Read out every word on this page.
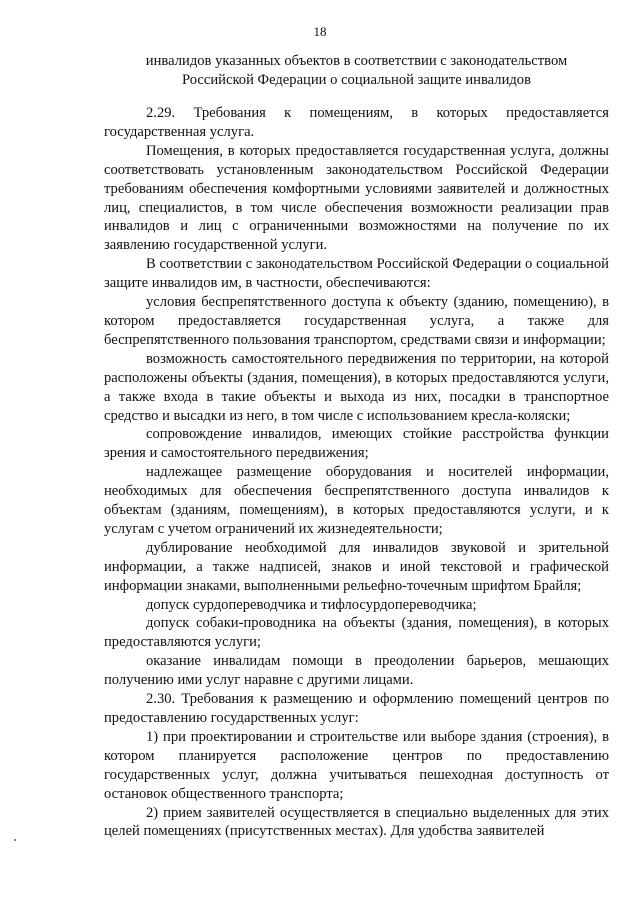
18

инвалидов указанных объектов в соответствии с законодательством
Российской Федерации о социальной защите инвалидов

2.29. Требования к помещениям, в которых предоставляется государственная услуга.

Помещения, в которых предоставляется государственная услуга, должны соответствовать установленным законодательством Российской Федерации требованиям обеспечения комфортными условиями заявителей и должностных лиц, специалистов, в том числе обеспечения возможности реализации прав инвалидов и лиц с ограниченными возможностями на получение по их заявлению государственной услуги.

В соответствии с законодательством Российской Федерации о социальной защите инвалидов им, в частности, обеспечиваются:

условия беспрепятственного доступа к объекту (зданию, помещению), в котором предоставляется государственная услуга, а также для беспрепятственного пользования транспортом, средствами связи и информации;

возможность самостоятельного передвижения по территории, на которой расположены объекты (здания, помещения), в которых предоставляются услуги, а также входа в такие объекты и выхода из них, посадки в транспортное средство и высадки из него, в том числе с использованием кресла-коляски;

сопровождение инвалидов, имеющих стойкие расстройства функции зрения и самостоятельного передвижения;

надлежащее размещение оборудования и носителей информации, необходимых для обеспечения беспрепятственного доступа инвалидов к объектам (зданиям, помещениям), в которых предоставляются услуги, и к услугам с учетом ограничений их жизнедеятельности;

дублирование необходимой для инвалидов звуковой и зрительной информации, а также надписей, знаков и иной текстовой и графической информации знаками, выполненными рельефно-точечным шрифтом Брайля;

допуск сурдопереводчика и тифлосурдопереводчика;

допуск собаки-проводника на объекты (здания, помещения), в которых предоставляются услуги;

оказание инвалидам помощи в преодолении барьеров, мешающих получению ими услуг наравне с другими лицами.

2.30. Требования к размещению и оформлению помещений центров по предоставлению государственных услуг:

1) при проектировании и строительстве или выборе здания (строения), в котором планируется расположение центров по предоставлению государственных услуг, должна учитываться пешеходная доступность от остановок общественного транспорта;

2) прием заявителей осуществляется в специально выделенных для этих целей помещениях (присутственных местах). Для удобства заявителей
